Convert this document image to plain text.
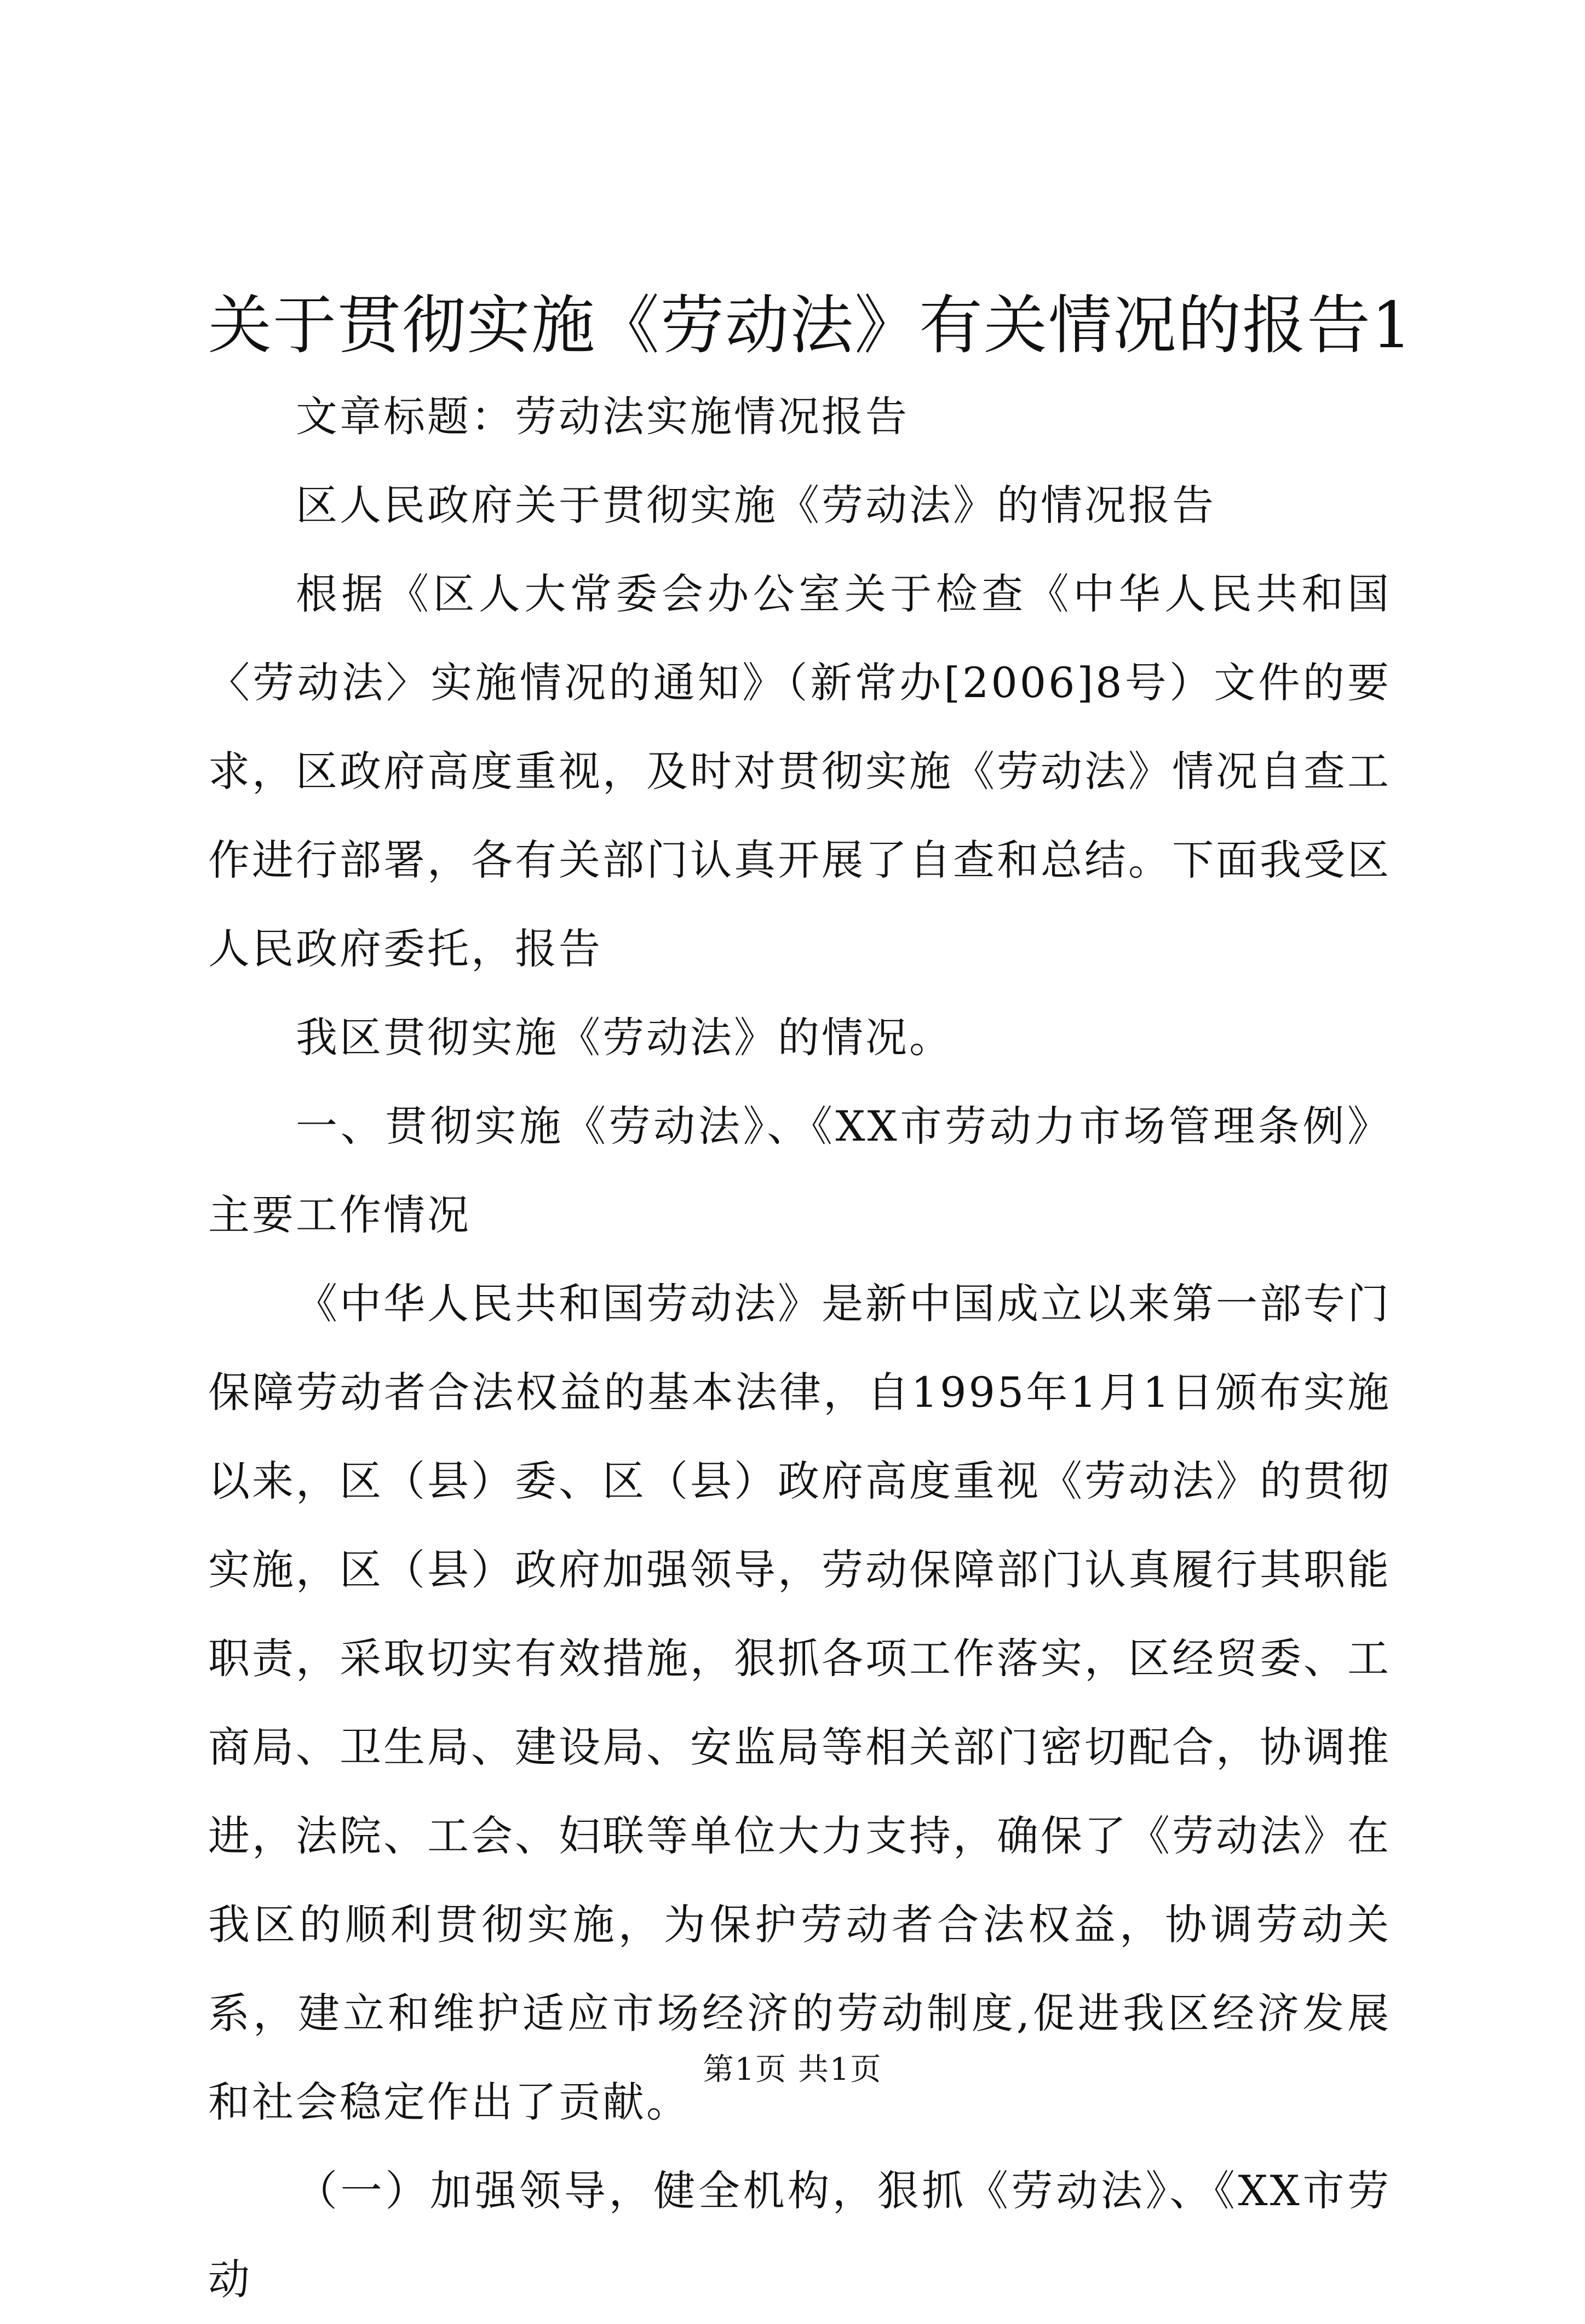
关于贯彻实施《劳动法》有关情况的报告1

文章标题：劳动法实施情况报告

区人民政府关于贯彻实施《劳动法》的情况报告

根据《区人大常委会办公室关于检查《中华人民共和国〈劳动法〉实施情况的通知》（新常办[2006]8号）文件的要求，区政府高度重视，及时对贯彻实施《劳动法》情况自查工作进行部署，各有关部门认真开展了自查和总结。下面我受区人民政府委托，报告

我区贯彻实施《劳动法》的情况。

一、贯彻实施《劳动法》、《XX市劳动力市场管理条例》主要工作情况

《中华人民共和国劳动法》是新中国成立以来第一部专门保障劳动者合法权益的基本法律，自1995年1月1日颁布实施以来，区（县）委、区（县）政府高度重视《劳动法》的贯彻实施，区（县）政府加强领导，劳动保障部门认真履行其职能职责，采取切实有效措施，狠抓各项工作落实，区经贸委、工商局、卫生局、建设局、安监局等相关部门密切配合，协调推进，法院、工会、妇联等单位大力支持，确保了《劳动法》在我区的顺利贯彻实施，为保护劳动者合法权益，协调劳动关系，建立和维护适应市场经济的劳动制度,促进我区经济发展和社会稳定作出了贡献。

（一）加强领导，健全机构，狠抓《劳动法》、《XX市劳动

第1页 共1页
